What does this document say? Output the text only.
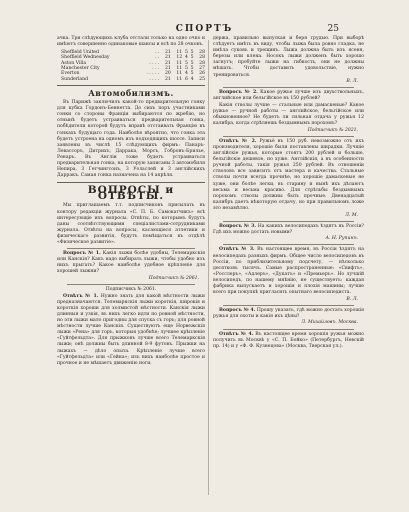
СПОРТЪ	25

ачка. Три слѣдующихъ клуба отстали только на одно очко и имѣютъ совершенно одинаковые шансы и всѣ по 28 очковъ.

Sheffield United	. .	21	11	5	5	28
Sheffield Wednesday	. .	21	12	4	5	28
Aston Villa	. . . .	21	11	5	5	28
Manchester City	. . .	21	11	5	5	27
Everton	. . . . .	20	11	4	5	26
Sunderland	. . . .	21	11	6	4	25
Автомобилизмъ.

Въ Парижѣ заключилъ какой-то предварительную гонку для кубка Гордонъ-Беннетта. До сихъ поръ участниками гонки со стороны Франціи выбираются по жребію, но отнынѣ будетъ устраиваться предварительная гонка, побѣдители которой будутъ вправѣ отстаивать Францію въ гонкахъ будущаго года. Наиболѣе вѣроятно, что гонка эта будетъ устроена на одномъ изъ подходящихъ шоссе. Записи заявлены въ числѣ 15 слѣдующихъ фирмъ: Панаръ-Левассоръ, Дитрихъ, Даррака, Морсъ, Гобронъ-Брилье, Ренаръ. Въ Англіи тоже будетъ устраиваться предварительная гонка, на которую записаны 3 автомобиля Непира, 3 Гетчингсонъ, 3 Уольслей и 3 англійскихъ Дарракъ. Самая гонка назначена на 14 апрѣля.

ВОПРОСЫ и ОТВѢТЫ.

Мы приглашаемъ т.т. подписчиковъ присылать въ контору редакціи журнала «С. П. Б. Самокатчикъ» всѣ интересующіе ихъ вопросы. Отвѣты, по которымъ будутъ даны соотвѣтствующими спеціалистами-сотрудниками журнала. Отвѣты на вопросы, касающіеся атлетики и физическаго развитія, будутъ помѣщаться въ отдѣлѣ «Физическое развитіе».

Вопросъ № 1. Какія лыжи болѣе удобны, Телемаркскія или Канскія? Какъ надо выбирать лыжи, чтобы удобно изъ нихъ прыгать? Какое наиболѣе удобное крѣпленіе для хорошей лыжни?

Подписчикъ № 2061.

Подписчикъ № 2061.

Отвѣтъ № 1. Нужно знать для какой мѣстности лыжи предназначаются. Телемаркскія лыжи короткія, широкія и короткія хороши для холмистой мѣстности. Канскія лыжи длинныя и узкія, въ нихъ легко идти по ровной мѣстности, но эти лыжи мало пригодны для спуска съ горъ; для ровной мѣстности лучше Канскія. Существуютъ еще Норвежскія лыжи «Рена» для горъ, которыя удобнѣе; лучшее крѣпленіе «Гуйтфельдта». Для прыжковъ лучше всего Телемаркскія лыжи; онѣ должны быть длинной 8-9 футовъ. Прыжки на лыжахъ — дѣло опыта. Крѣпленіе лучше всего «Гуйтфельдта» или «Гейна»; изъ нихъ наиболѣе простое и прочное и не мѣшаетъ движенію ноги.

держа, правильно выпуская и беря грудью. При выборѣ слѣдуетъ имѣть въ виду, чтобы лыжа была ровно гладка, не имѣла суковъ и трещинъ. Лыжа должна быть изъ ясеня, березы или клена. Носокъ лыжи долженъ быть хорошо загнутъ; пробуйте лыжи на гибкость, они не должны мѣшать. Чтобы доставить удовольствіе, нужно тренироваться.

В. Л.

Вопросъ № 2. Какое ружье лучше изъ двухствольныхъ, английское или бельгійское въ 150 рублей?

Какія стволы лучше — стальные или дамаскеные? Какое ружье — ручной работы — английское, бельгійское или обыкновенное? Не будетъ ли сильная отдача у ружья 12 калибра, когда стрѣляешь бездымнымъ порохомъ?

Подписчикъ № 2021.

Отвѣтъ № 2. Ружьё въ 150 руб. невозможно отъ ихъ производителя, хорошіе были поставлены ширадки. Лучшіе англійскіе ружья, которые стоятъ 200 рублей и больше, бельгійскіе дешевле, но хуже. Англійскія, а въ особенности ручной работы, такія ружья 250 рублей. Въ отношеніи стволовъ все зависитъ отъ мастера и качества. Стальные стволы почти всегда прочнѣе, но хорошіе дамаскеные не хуже, они болѣе легки, въ старину и нынѣ ихъ дѣлаютъ весьма и весьма красиво. Для стрѣльбы бездымнымъ порохомъ стволы должны быть прочные. Двенадцатый калибръ даетъ нѣкоторую отдачу, но при правильномъ ложе это незамѣтно.

Л. М.

Вопросъ № 3. На какихъ велосипедахъ ѣздятъ въ Россіи? Гдѣ ихъ можно достать новыми?

А. Н. Рупинъ.

Отвѣтъ № 3. Въ настоящее время, въ Россіи ѣздятъ на велосипедахъ разныхъ фирмъ. Общее число велосипедовъ въ Россіи, по приблизительному подсчету, — нѣсколько десятковъ тысячъ. Самые распространенные: «Свифтъ», «Росслеръ», «Адлеръ», «Дукатъ» и «Премьеръ». Но лучшій велосипедъ, по нашему мнѣнію, не существуетъ: каждая фабрика выпускаетъ и хорошія и плохія машины; лучше всего при покупкѣ пригласить опытнаго велосипедиста.

В. Л.

Вопросъ № 4. Прошу указать, гдѣ можно достать хорошія ружья для охоты и какія ихъ цѣны?

Л. Михайловъ. Москва.

Отвѣтъ № 4. Въ настоящее время хорошія ружья можно получить въ Москвѣ у «С. П. Бойко» (Петербургъ, Невскій пр. 14) и у «Ф. Ф. Кузнецова» (Москва, Тверская ул.).
